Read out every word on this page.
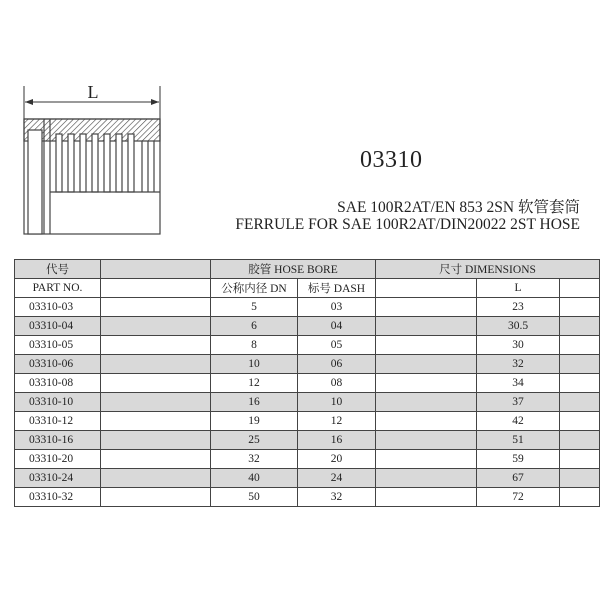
L
03310
SAE 100R2AT/EN 853 2SN 软管套筒
FERRULE FOR SAE 100R2AT/DIN20022 2ST HOSE
代号		胶管 HOSE BORE		尺寸 DIMENSIONS		
PART NO.		公称内径 DN	标号 DASH		L	
03310-03		5	03		23	
03310-04		6	04		30.5	
03310-05		8	05		30	
03310-06		10	06		32	
03310-08		12	08		34	
03310-10		16	10		37	
03310-12		19	12		42	
03310-16		25	16		51	
03310-20		32	20		59	
03310-24		40	24		67	
03310-32		50	32		72	
